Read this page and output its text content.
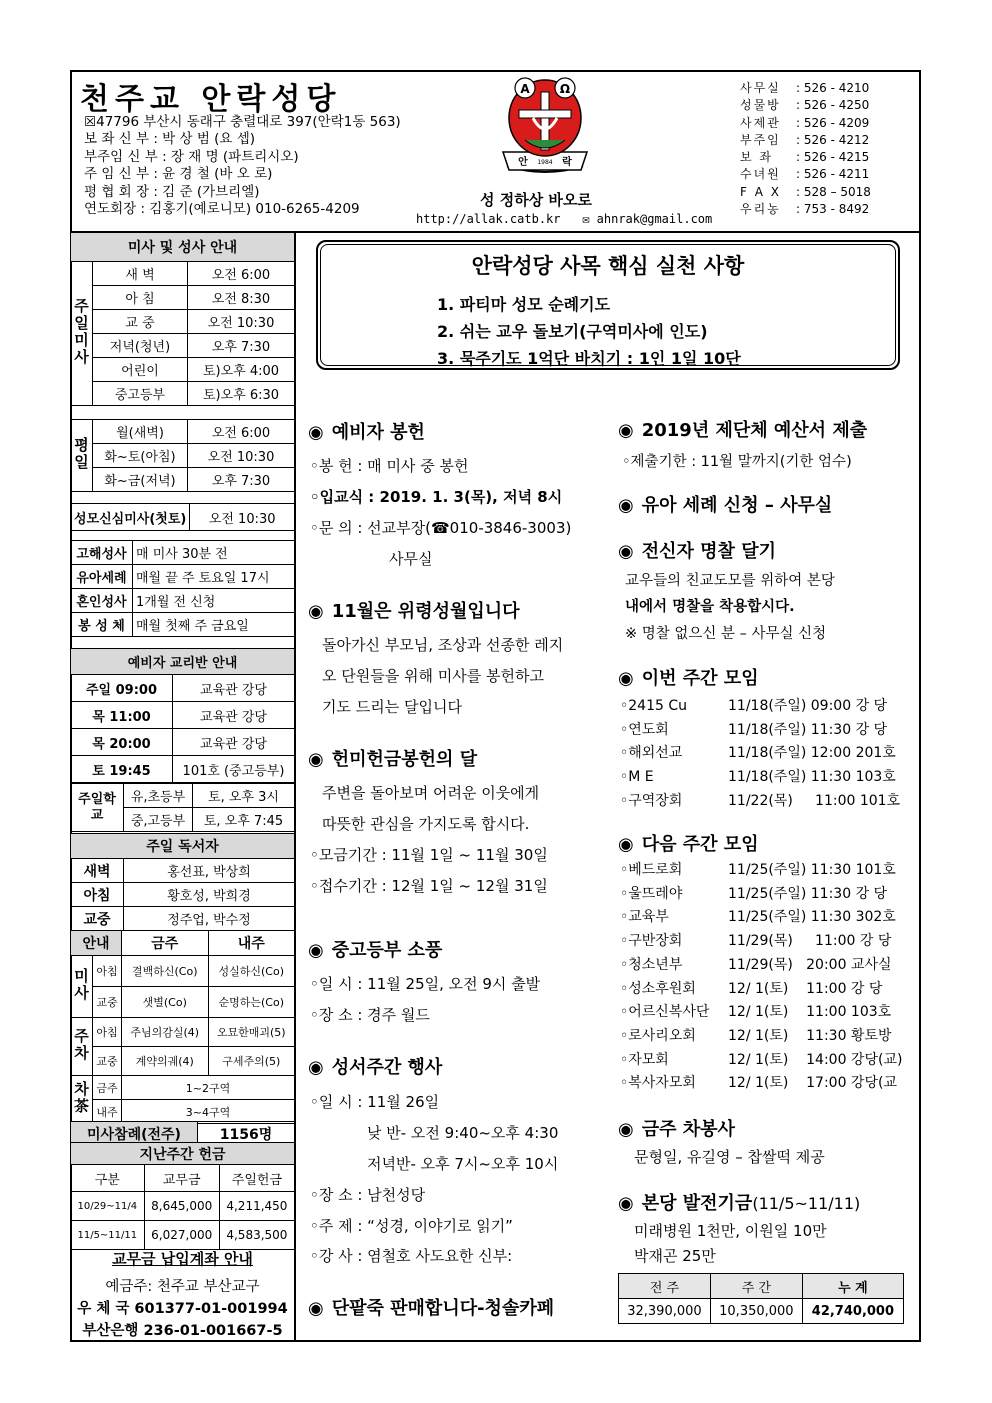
천주교 안락성당
☒47796 부산시 동래구 충렬대로 397(안락1동 563)
보 좌 신 부 : 박 상 범 (요 셉)
부주임 신 부 : 장 재 명 (파트리시오)
주 임 신 부 : 윤 경 철 (바 오 로)
평 협 회 장 : 김 준 (가브리엘)
연도회장 : 김홍기(예로니모) 010-6265-4209
A	Ω
안 1984 락
성 정하상 바오로
http://allak.catb.kr ✉ ahnrak@gmail.com
사무실	: 526 - 4210
성물방	: 526 - 4250
사제관	: 526 - 4209
부주임	: 526 - 4212
보 좌	: 526 - 4215
수녀원	: 526 - 4211
F A X	: 528 – 5018
우리농	: 753 - 8492
미사 및 성사 안내		
주일미사	새 벽	오전 6:00
	아 침	오전 8:30
	교 중	오전 10:30
	저녁(청년)	오후 7:30
	어린이	토)오후 4:00
	중고등부	토)오후 6:30
평일	월(새벽)	오전 6:00
	화~토(아침)	오전 10:30
	화~금(저녁)	오후 7:30
성모신심미사(첫토)	오전 10:30
고해성사	매 미사 30분 전
유아세례	매월 끝 주 토요일 17시
혼인성사	1개월 전 신청
봉 성 체	매월 첫째 주 금요일
예비자 교리반 안내	
주일 09:00	교육관 강당
목 11:00	교육관 강당
목 20:00	교육관 강당
토 19:45	101호 (중고등부)
주일학교	유,초등부	토, 오후 3시
	중,고등부	토, 오후 7:45
주일 독서자	
새벽	홍선표, 박상희
아침	황호성, 박희경
교중	정주업, 박수정
안내		금주	내주
미사	아침	결백하신(Co)	성실하신(Co)
	교중	샛별(Co)	순명하는(Co)
주차	아침	주님의감실(4)	오묘한매괴(5)
	교중	계약의궤(4)	구세주의(5)
차茶	금주	1~2구역	
	내주	3~4구역	
미사참례(전주)	1156명
지난주간 헌금		
구분	교무금	주일헌금
10/29~11/4	8,645,000	4,211,450
11/5~11/11	6,027,000	4,583,500
교무금 납입계좌 안내
예금주: 천주교 부산교구
우 체 국 601377-01-001994
부산은행 236-01-001667-5
안락성당 사목 핵심 실천 사항
1. 파티마 성모 순례기도
2. 쉬는 교우 돌보기(구역미사에 인도)
3. 묵주기도 1억단 바치기 : 1인 1일 10단
◉ 예비자 봉헌
◦봉 헌 : 매 미사 중 봉헌
◦입교식 : 2019. 1. 3(목), 저녁 8시
◦문 의 : 선교부장(☎010-3846-3003)
사무실
◉ 11월은 위령성월입니다
돌아가신 부모님, 조상과 선종한 레지
오 단원들을 위해 미사를 봉헌하고
기도 드리는 달입니다
◉ 헌미헌금봉헌의 달
주변을 돌아보며 어려운 이웃에게
따뜻한 관심을 가지도록 합시다.
◦모금기간 : 11월 1일 ~ 11월 30일
◦접수기간 : 12월 1일 ~ 12월 31일
◉ 중고등부 소풍
◦일 시 : 11월 25일, 오전 9시 출발
◦장 소 : 경주 월드
◉ 성서주간 행사
◦일 시 : 11월 26일
낮 반- 오전 9:40~오후 4:30
저녁반- 오후 7시~오후 10시
◦장 소 : 남천성당
◦주 제 : “성경, 이야기로 읽기”
◦강 사 : 염철호 사도요한 신부:
◉ 단팥죽 판매합니다-청솔카페
◉ 2019년 제단체 예산서 제출
◦제출기한 : 11월 말까지(기한 엄수)
◉ 유아 세례 신청 – 사무실
◉ 전신자 명찰 달기
교우들의 친교도모를 위하여 본당
내에서 명찰을 착용합시다.
※ 명찰 없으신 분 – 사무실 신청
◉ 이번 주간 모임
◦2415 Cu	11/18(주일) 09:00 강 당
◦연도회	11/18(주일) 11:30 강 당
◦해외선교	11/18(주일) 12:00 201호
◦M E	11/18(주일) 11:30 103호
◦구역장회	11/22(목)     11:00 101호
◉ 다음 주간 모임
◦베드로회	11/25(주일) 11:30 101호
◦울뜨레야	11/25(주일) 11:30 강 당
◦교육부	11/25(주일) 11:30 302호
◦구반장회	11/29(목)     11:00 강 당
◦청소년부	11/29(목)   20:00 교사실
◦성소후원회	12/ 1(토)    11:00 강 당
◦어르신복사단	12/ 1(토)    11:00 103호
◦로사리오회	12/ 1(토)    11:30 황토방
◦자모회	12/ 1(토)    14:00 강당(교)
◦복사자모회	12/ 1(토)    17:00 강당(교
◉ 금주 차봉사
문형일, 유길영 – 찹쌀떡 제공
◉ 본당 발전기금(11/5~11/11)
미래병원 1천만, 이원일 10만
박재곤 25만
전 주	주 간	누 계
32,390,000	10,350,000	42,740,000
